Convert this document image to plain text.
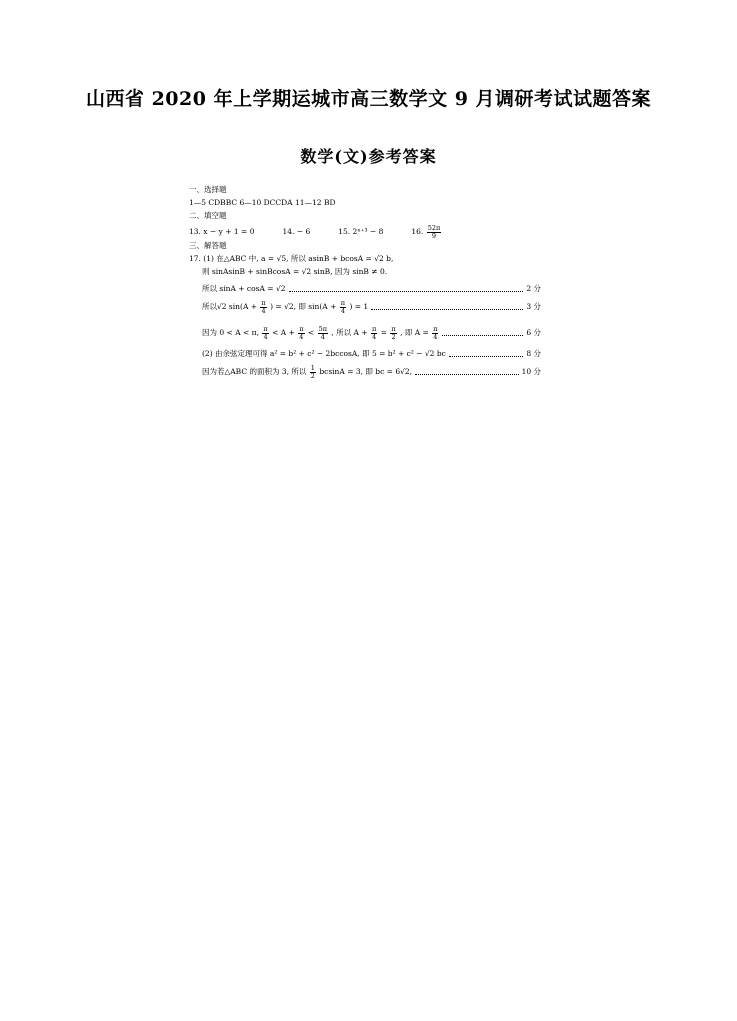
山西省 2020 年上学期运城市高三数学文 9 月调研考试试题答案
数学(文)参考答案
一、选择题
1—5 CDBBC 6—10 DCCDA 11—12 BD
二、填空题
13. x − y + 1 = 0	14. − 6	15. 2ⁿ⁺³ − 8	16. $\frac{52\pi}{9}$
三、解答题
17. (1) 在△ABC 中, a = √5, 所以 asinB + bcosA = √2 b,
则 sinAsinB + sinBcosA = √2 sinB, 因为 sinB ≠ 0.
所以 sinA + cosA = √2	2 分
所以√2 $\sin(A + \frac{\pi}{4}$ ) = √2, 即 $\sin(A + \frac{\pi}{4}$ ) = 1	3 分
因为 0 < A < π, $\frac{\pi}{4} < A + \frac{\pi}{4} < \frac{5\pi}{4}$ , 所以 $A + \frac{\pi}{4} = \frac{\pi}{2}$ , 即 $A = \frac{\pi}{4}$	6 分
(2) 由余弦定理可得 a² = b² + c² − 2bccosA, 即 5 = b² + c² − √2 bc	8 分
因为若△ABC 的面积为 3, 所以 $\frac{1}{2}$ bcsinA = 3, 即 bc = 6√2,	10 分
